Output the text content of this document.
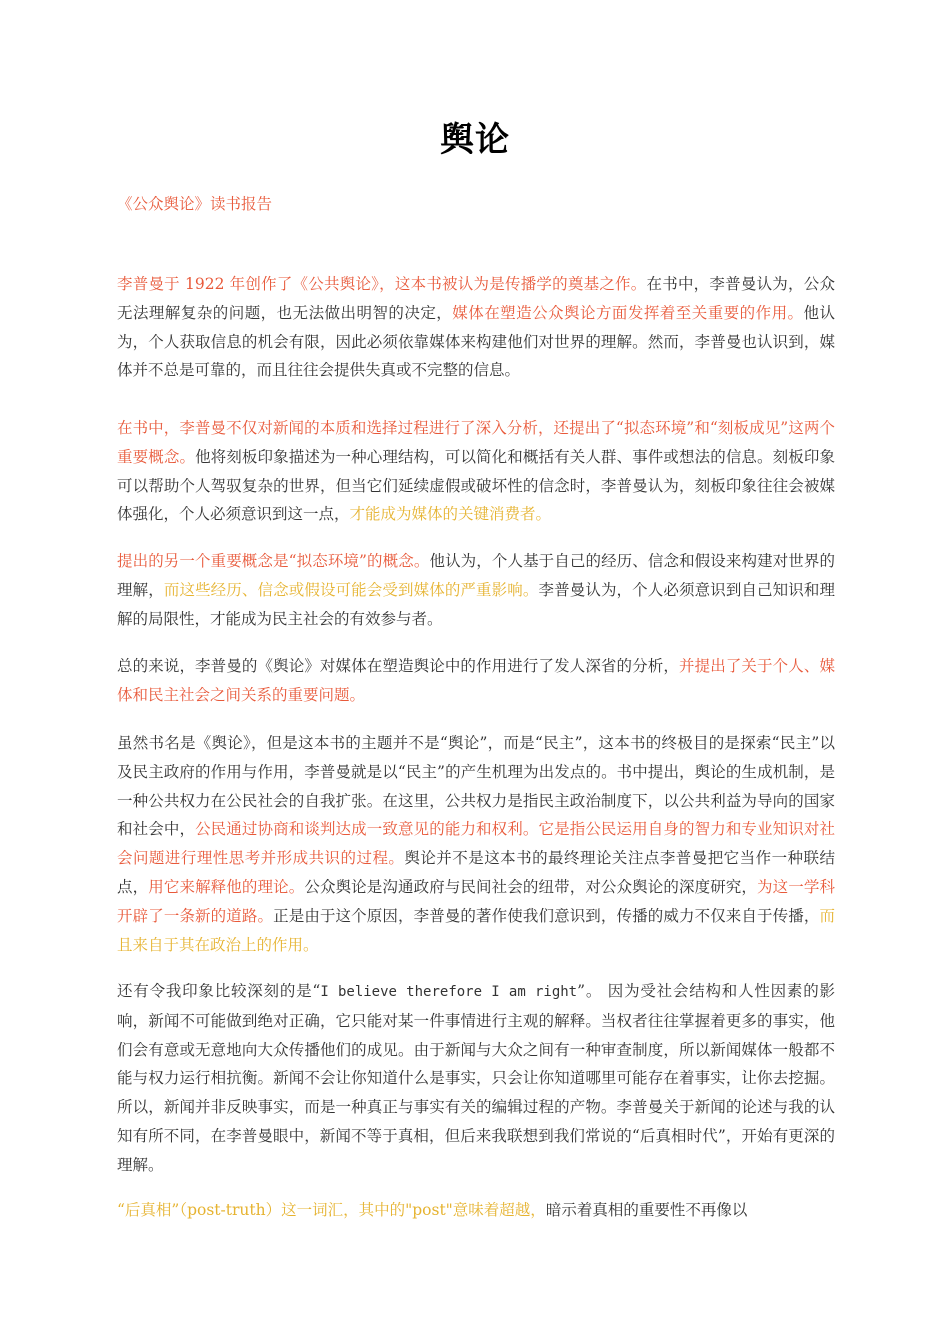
舆论
《公众舆论》读书报告

李普曼于 1922 年创作了《公共舆论》，这本书被认为是传播学的奠基之作。在书中，李普曼认为，公众无法理解复杂的问题，也无法做出明智的决定，媒体在塑造公众舆论方面发挥着至关重要的作用。他认为，个人获取信息的机会有限，因此必须依靠媒体来构建他们对世界的理解。然而，李普曼也认识到，媒体并不总是可靠的，而且往往会提供失真或不完整的信息。

在书中，李普曼不仅对新闻的本质和选择过程进行了深入分析，还提出了“拟态环境”和“刻板成见”这两个重要概念。他将刻板印象描述为一种心理结构，可以简化和概括有关人群、事件或想法的信息。刻板印象可以帮助个人驾驭复杂的世界，但当它们延续虚假或破坏性的信念时，李普曼认为，刻板印象往往会被媒体强化，个人必须意识到这一点，才能成为媒体的关键消费者。

提出的另一个重要概念是“拟态环境”的概念。他认为，个人基于自己的经历、信念和假设来构建对世界的理解，而这些经历、信念或假设可能会受到媒体的严重影响。李普曼认为，个人必须意识到自己知识和理解的局限性，才能成为民主社会的有效参与者。

总的来说，李普曼的《舆论》对媒体在塑造舆论中的作用进行了发人深省的分析，并提出了关于个人、媒体和民主社会之间关系的重要问题。

虽然书名是《舆论》，但是这本书的主题并不是“舆论”，而是“民主”，这本书的终极目的是探索“民主”以及民主政府的作用与作用，李普曼就是以“民主”的产生机理为出发点的。书中提出，舆论的生成机制，是一种公共权力在公民社会的自我扩张。在这里，公共权力是指民主政治制度下，以公共利益为导向的国家和社会中，公民通过协商和谈判达成一致意见的能力和权利。它是指公民运用自身的智力和专业知识对社会问题进行理性思考并形成共识的过程。舆论并不是这本书的最终理论关注点李普曼把它当作一种联结点，用它来解释他的理论。公众舆论是沟通政府与民间社会的纽带，对公众舆论的深度研究，为这一学科开辟了一条新的道路。正是由于这个原因，李普曼的著作使我们意识到，传播的威力不仅来自于传播，而且来自于其在政治上的作用。

还有令我印象比较深刻的是“I believe therefore I am right”。 因为受社会结构和人性因素的影响，新闻不可能做到绝对正确，它只能对某一件事情进行主观的解释。当权者往往掌握着更多的事实，他们会有意或无意地向大众传播他们的成见。由于新闻与大众之间有一种审查制度，所以新闻媒体一般都不能与权力运行相抗衡。新闻不会让你知道什么是事实，只会让你知道哪里可能存在着事实，让你去挖掘。所以，新闻并非反映事实，而是一种真正与事实有关的编辑过程的产物。李普曼关于新闻的论述与我的认知有所不同，在李普曼眼中，新闻不等于真相，但后来我联想到我们常说的“后真相时代”，开始有更深的理解。

“后真相”（post-truth）这一词汇，其中的"post"意味着超越，暗示着真相的重要性不再像以
